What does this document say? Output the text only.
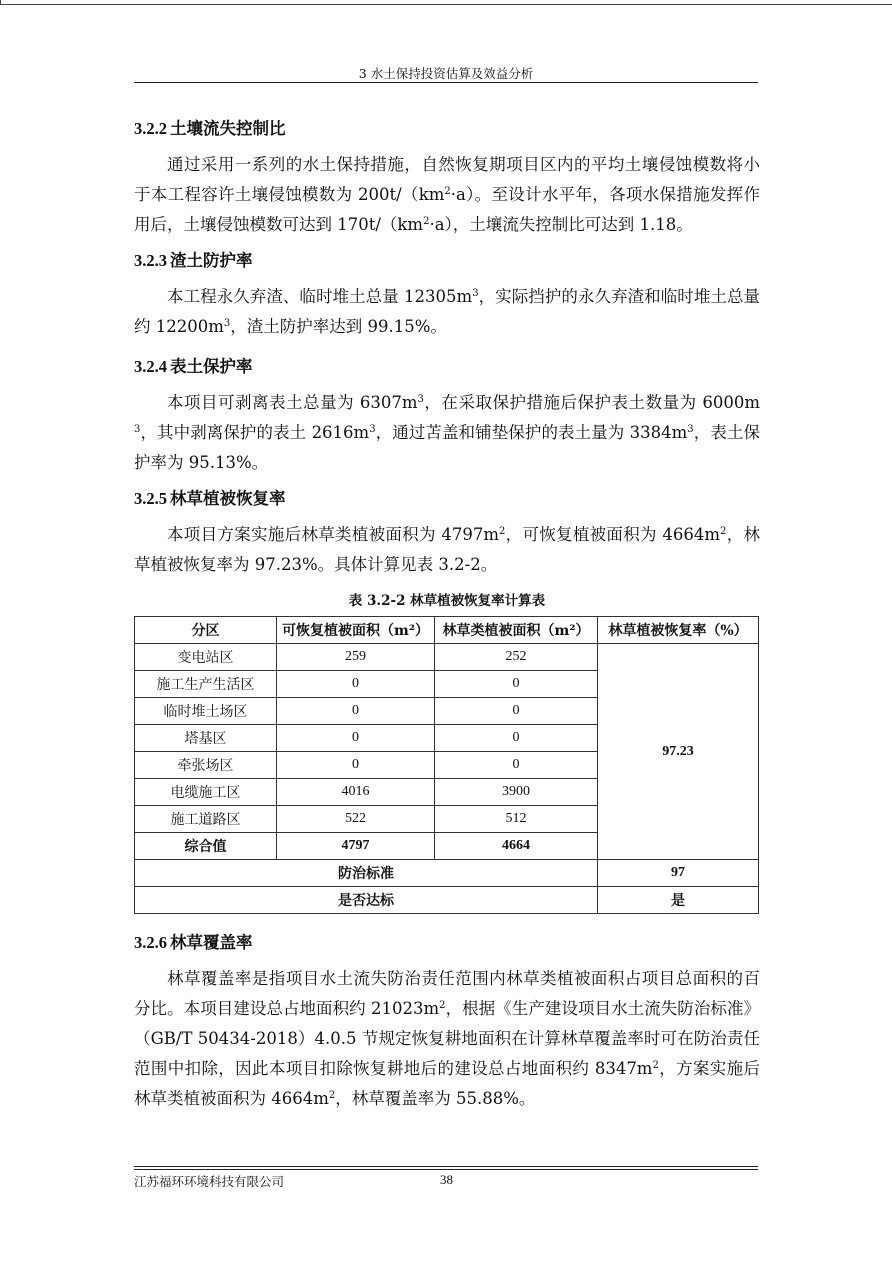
3 水土保持投资估算及效益分析
3.2.2 土壤流失控制比

通过采用一系列的水土保持措施，自然恢复期项目区内的平均土壤侵蚀模数将小于本工程容许土壤侵蚀模数为 $200t/(km^2\cdot a)$。至设计水平年，各项水保措施发挥作用后，土壤侵蚀模数可达到 $170t/(km^2\cdot a)$，土壤流失控制比可达到 1.18。

3.2.3 渣土防护率

本工程永久弃渣、临时堆土总量 $12305m^3$，实际挡护的永久弃渣和临时堆土总量约 $12200m^3$，渣土防护率达到 99.15%。

3.2.4 表土保护率

本项目可剥离表土总量为 $6307m^3$，在采取保护措施后保护表土数量为 $6000m^3$，其中剥离保护的表土 $2616m^3$，通过苫盖和铺垫保护的表土量为 $3384m^3$，表土保护率为 95.13%。

3.2.5 林草植被恢复率

本项目方案实施后林草类植被面积为 $4797m^2$，可恢复植被面积为 $4664m^2$，林草植被恢复率为 97.23%。具体计算见表 3.2-2。

表 3.2-2 林草植被恢复率计算表
分区	可恢复植被面积（m²）	林草类植被面积（m²）	林草植被恢复率（%）
变电站区	259	252	97.23
施工生产生活区	0	0	
临时堆土场区	0	0	
塔基区	0	0	
牵张场区	0	0	
电缆施工区	4016	3900	
施工道路区	522	512	
综合值	4797	4664	
防治标准			97
是否达标			是
3.2.6 林草覆盖率

林草覆盖率是指项目水土流失防治责任范围内林草类植被面积占项目总面积的百分比。本项目建设总占地面积约 $21023m^2$，根据《生产建设项目水土流失防治标准》（GB/T 50434-2018）4.0.5 节规定恢复耕地面积在计算林草覆盖率时可在防治责任范围中扣除，因此本项目扣除恢复耕地后的建设总占地面积约 $8347m^2$，方案实施后林草类植被面积为 $4664m^2$，林草覆盖率为 55.88%。

江苏福环环境科技有限公司	38
